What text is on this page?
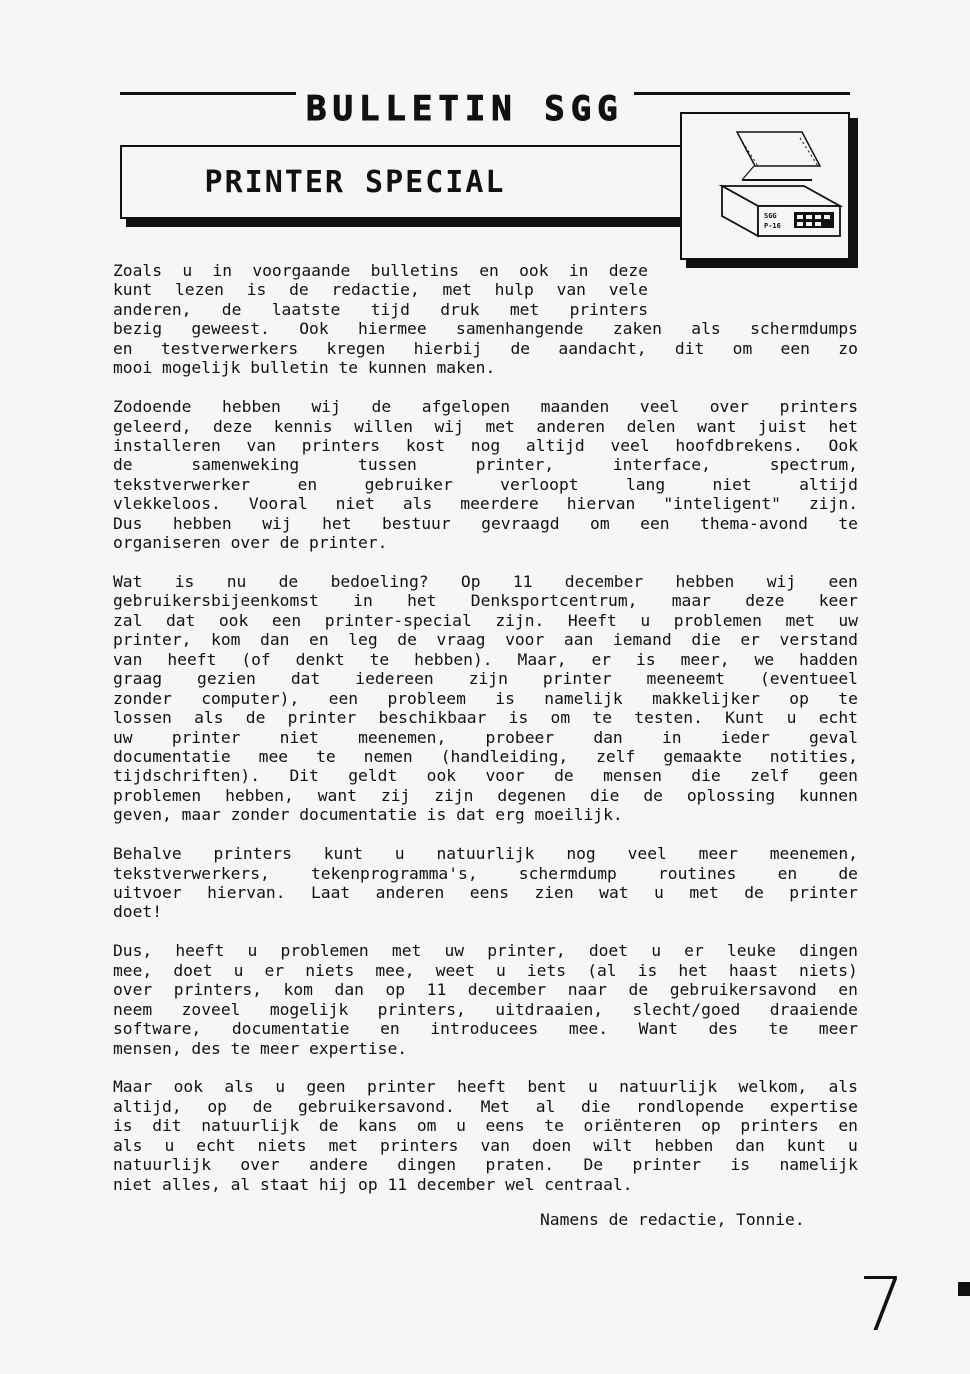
BULLETIN SGG
PRINTER SPECIAL
SGG
P-16
Zoals u in voorgaande bulletins en ook in deze
kunt lezen is de redactie, met hulp van vele
anderen, de laatste tijd druk met printers
bezig geweest. Ook hiermee samenhangende zaken als schermdumps
en testverwerkers kregen hierbij de aandacht, dit om een zo
mooi mogelijk bulletin te kunnen maken.
Zodoende hebben wij de afgelopen maanden veel over printers
geleerd, deze kennis willen wij met anderen delen want juist het
installeren van printers kost nog altijd veel hoofdbrekens. Ook
de	samenweking	tussen	printer,	interface,	spectrum,
tekstverwerker	en	gebruiker	verloopt	lang	niet	altijd
vlekkeloos. Vooral niet als meerdere hiervan "inteligent" zijn.
Dus hebben wij het bestuur gevraagd om een thema-avond te
organiseren over de printer.
Wat is nu de bedoeling? Op 11 december hebben wij een
gebruikersbijeenkomst in het Denksportcentrum, maar deze keer
zal dat ook een printer-special zijn. Heeft u problemen met uw
printer, kom dan en leg de vraag voor aan iemand die er verstand
van heeft (of denkt te hebben). Maar, er is meer, we hadden
graag gezien dat iedereen zijn printer meeneemt (eventueel
zonder computer), een probleem is namelijk makkelijker op te
lossen als de printer beschikbaar is om te testen. Kunt u echt
uw printer niet meenemen, probeer dan in ieder geval
documentatie mee te nemen (handleiding, zelf gemaakte notities,
tijdschriften). Dit geldt ook voor de mensen die zelf geen
problemen hebben, want zij zijn degenen die de oplossing kunnen
geven, maar zonder documentatie is dat erg moeilijk.
Behalve printers kunt u natuurlijk nog veel meer meenemen,
tekstverwerkers,	tekenprogramma's,	schermdump	routines	en	de
uitvoer hiervan. Laat anderen eens zien wat u met de printer
doet!
Dus, heeft u problemen met uw printer, doet u er leuke dingen
mee, doet u er niets mee, weet u iets (al is het haast niets)
over printers, kom dan op 11 december naar de gebruikersavond en
neem zoveel mogelijk printers, uitdraaien, slecht/goed draaiende
software, documentatie en introducees mee. Want des te meer
mensen, des te meer expertise.
Maar ook als u geen printer heeft bent u natuurlijk welkom, als
altijd, op de gebruikersavond. Met al die rondlopende expertise
is dit natuurlijk de kans om u eens te oriënteren op printers en
als u echt niets met printers van doen wilt hebben dan kunt u
natuurlijk over andere dingen praten. De printer is namelijk
niet alles, al staat hij op 11 december wel centraal.
Namens de redactie, Tonnie.
7
